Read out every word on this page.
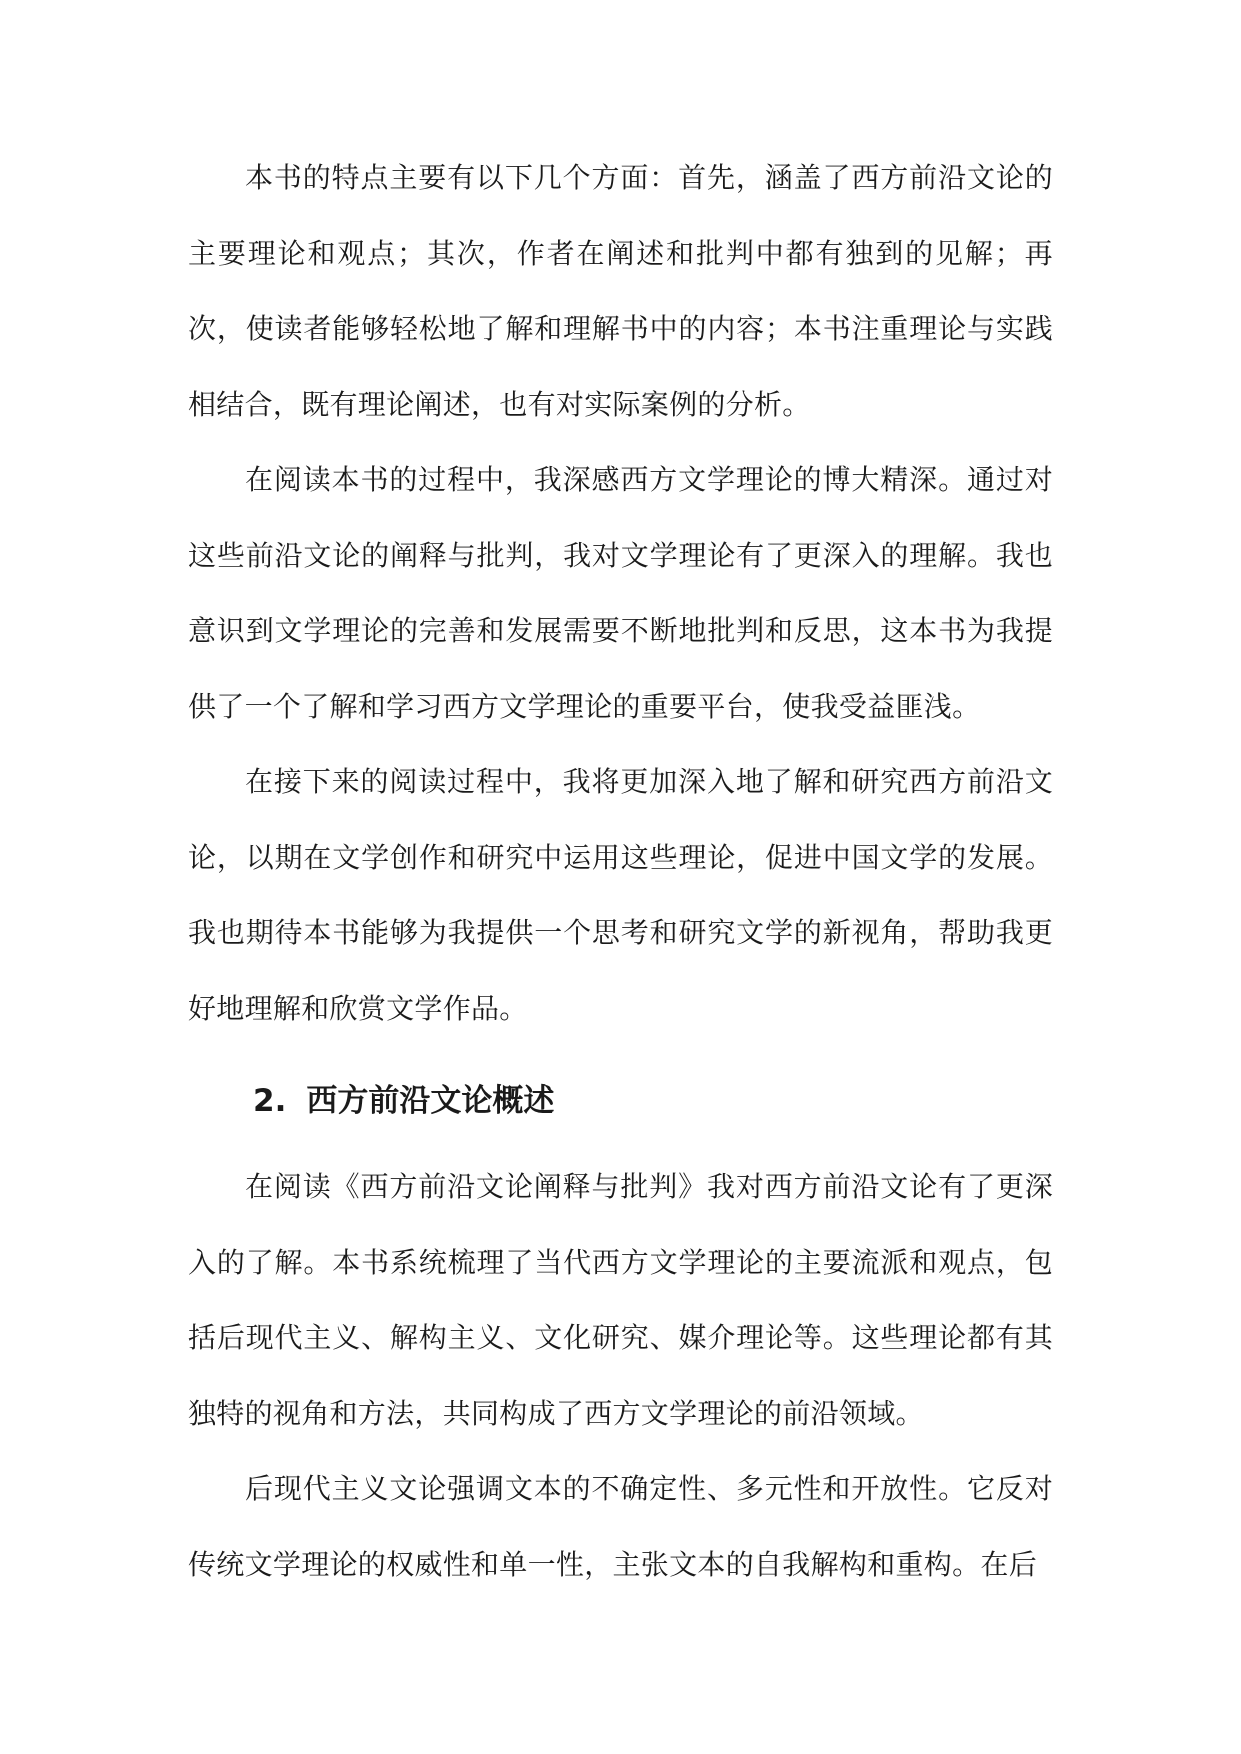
本书的特点主要有以下几个方面：首先，涵盖了西方前沿文论的主要理论和观点；其次，作者在阐述和批判中都有独到的见解；再次，使读者能够轻松地了解和理解书中的内容；本书注重理论与实践相结合，既有理论阐述，也有对实际案例的分析。

在阅读本书的过程中，我深感西方文学理论的博大精深。通过对这些前沿文论的阐释与批判，我对文学理论有了更深入的理解。我也意识到文学理论的完善和发展需要不断地批判和反思，这本书为我提供了一个了解和学习西方文学理论的重要平台，使我受益匪浅。

在接下来的阅读过程中，我将更加深入地了解和研究西方前沿文论，以期在文学创作和研究中运用这些理论，促进中国文学的发展。我也期待本书能够为我提供一个思考和研究文学的新视角，帮助我更好地理解和欣赏文学作品。

2. 西方前沿文论概述

在阅读《西方前沿文论阐释与批判》我对西方前沿文论有了更深入的了解。本书系统梳理了当代西方文学理论的主要流派和观点，包括后现代主义、解构主义、文化研究、媒介理论等。这些理论都有其独特的视角和方法，共同构成了西方文学理论的前沿领域。

后现代主义文论强调文本的不确定性、多元性和开放性。它反对传统文学理论的权威性和单一性，主张文本的自我解构和重构。在后
